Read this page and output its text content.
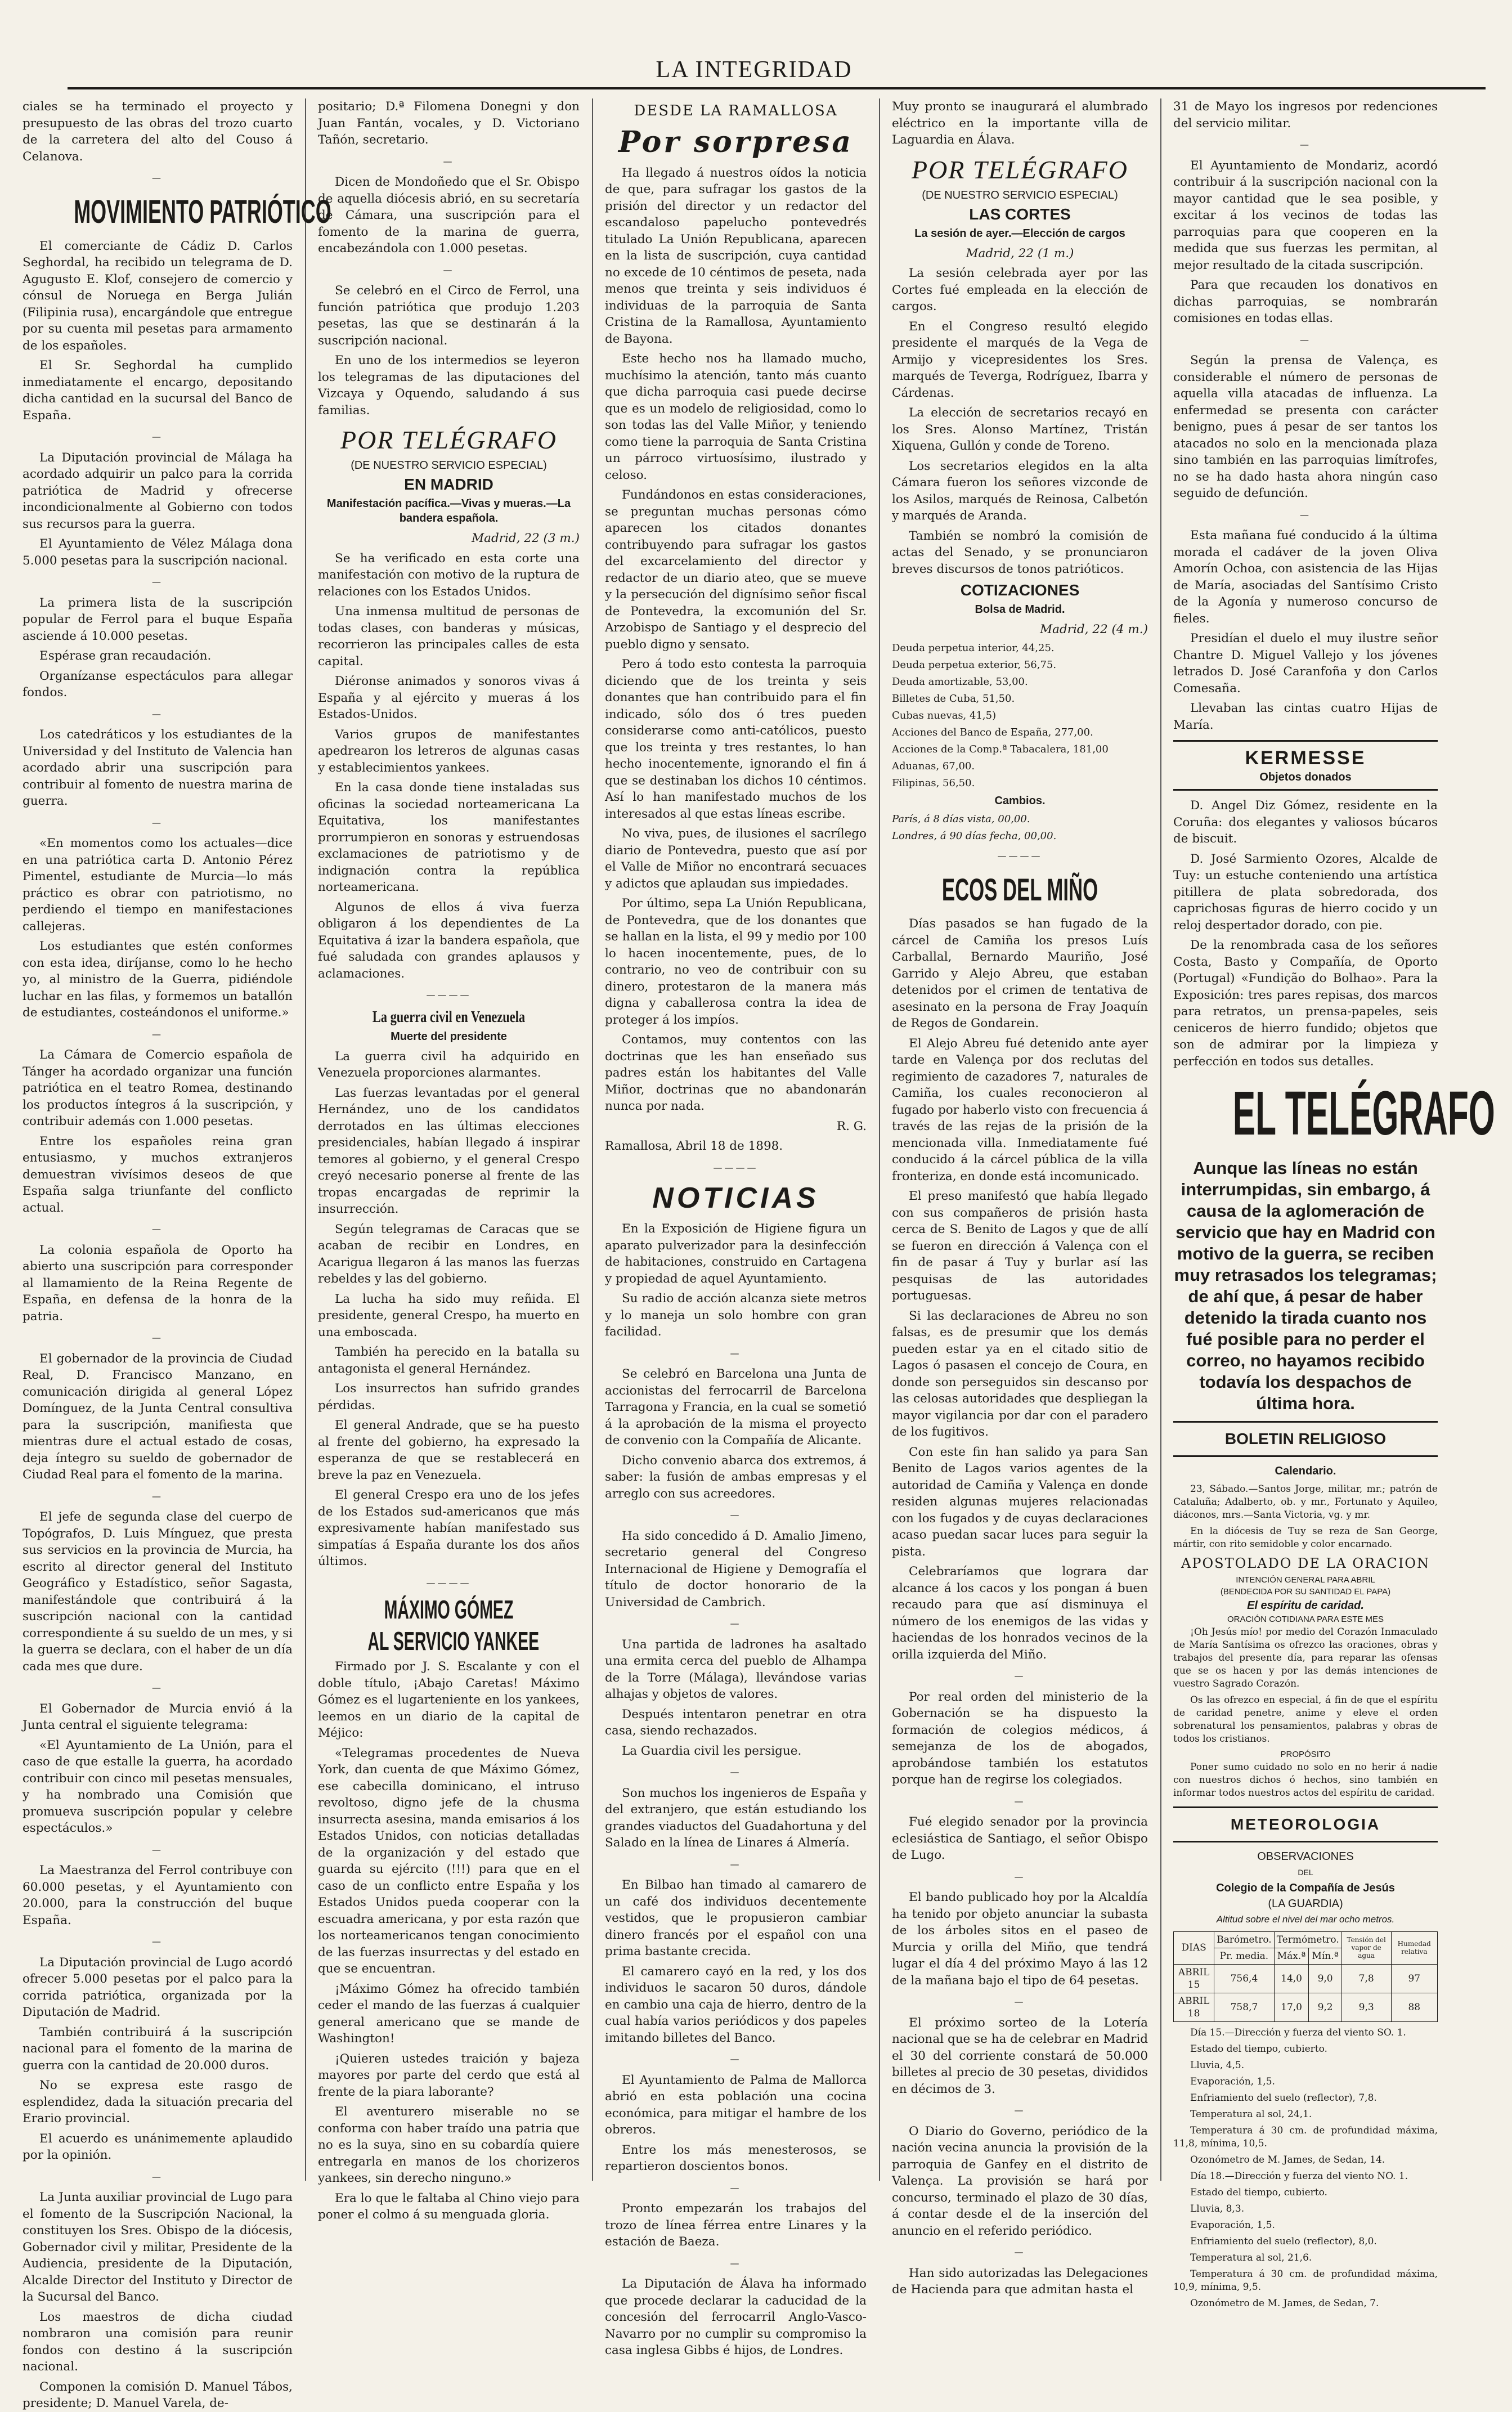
LA INTEGRIDAD

ciales se ha terminado el proyecto y presupuesto de las obras del trozo cuarto de la carretera del alto del Couso á Celanova.

—
MOVIMIENTO PATRIÓTICO

El comerciante de Cádiz D. Carlos Seghordal, ha recibido un telegrama de D. Agugusto E. Klof, consejero de comercio y cónsul de Noruega en Berga Julián (Filipinia rusa), encargándole que entregue por su cuenta mil pesetas para armamento de los españoles.

El Sr. Seghordal ha cumplido inmediatamente el encargo, depositando dicha cantidad en la sucursal del Banco de España.

—

La Diputación provincial de Málaga ha acordado adquirir un palco para la corrida patriótica de Madrid y ofrecerse incondicionalmente al Gobierno con todos sus recursos para la guerra.

El Ayuntamiento de Vélez Málaga dona 5.000 pesetas para la suscripción nacional.

—

La primera lista de la suscripción popular de Ferrol para el buque España asciende á 10.000 pesetas.

Espérase gran recaudación.

Organízanse espectáculos para allegar fondos.

—

Los catedráticos y los estudiantes de la Universidad y del Instituto de Valencia han acordado abrir una suscripción para contribuir al fomento de nuestra marina de guerra.

—

«En momentos como los actuales—dice en una patriótica carta D. Antonio Pérez Pimentel, estudiante de Murcia—lo más práctico es obrar con patriotismo, no perdiendo el tiempo en manifestaciones callejeras.

Los estudiantes que estén conformes con esta idea, diríjanse, como lo he hecho yo, al ministro de la Guerra, pidiéndole luchar en las filas, y formemos un batallón de estudiantes, costeándonos el uniforme.»

—

La Cámara de Comercio española de Tánger ha acordado organizar una función patriótica en el teatro Romea, destinando los productos íntegros á la suscripción, y contribuir además con 1.000 pesetas.

Entre los españoles reina gran entusiasmo, y muchos extranjeros demuestran vivísimos deseos de que España salga triunfante del conflicto actual.

—

La colonia española de Oporto ha abierto una suscripción para corresponder al llamamiento de la Reina Regente de España, en defensa de la honra de la patria.

—

El gobernador de la provincia de Ciudad Real, D. Francisco Manzano, en comunicación dirigida al general López Domínguez, de la Junta Central consultiva para la suscripción, manifiesta que mientras dure el actual estado de cosas, deja íntegro su sueldo de gobernador de Ciudad Real para el fomento de la marina.

—

El jefe de segunda clase del cuerpo de Topógrafos, D. Luis Mínguez, que presta sus servicios en la provincia de Murcia, ha escrito al director general del Instituto Geográfico y Estadístico, señor Sagasta, manifestándole que contribuirá á la suscripción nacional con la cantidad correspondiente á su sueldo de un mes, y si la guerra se declara, con el haber de un día cada mes que dure.

—

El Gobernador de Murcia envió á la Junta central el siguiente telegrama:

«El Ayuntamiento de La Unión, para el caso de que estalle la guerra, ha acordado contribuir con cinco mil pesetas mensuales, y ha nombrado una Comisión que promueva suscripción popular y celebre espectáculos.»

—

La Maestranza del Ferrol contribuye con 60.000 pesetas, y el Ayuntamiento con 20.000, para la construcción del buque España.

—

La Diputación provincial de Lugo acordó ofrecer 5.000 pesetas por el palco para la corrida patriótica, organizada por la Diputación de Madrid.

También contribuirá á la suscripción nacional para el fomento de la marina de guerra con la cantidad de 20.000 duros.

No se expresa este rasgo de esplendidez, dada la situación precaria del Erario provincial.

El acuerdo es unánimemente aplaudido por la opinión.

—

La Junta auxiliar provincial de Lugo para el fomento de la Suscripción Nacional, la constituyen los Sres. Obispo de la diócesis, Gobernador civil y militar, Presidente de la Audiencia, presidente de la Diputación, Alcalde Director del Instituto y Director de la Sucursal del Banco.

Los maestros de dicha ciudad nombraron una comisión para reunir fondos con destino á la suscripción nacional.

Componen la comisión D. Manuel Tábos, presidente; D. Manuel Varela, de-

positario; D.ª Filomena Donegni y don Juan Fantán, vocales, y D. Victoriano Tañón, secretario.

—

Dicen de Mondoñedo que el Sr. Obispo de aquella diócesis abrió, en su secretaría de Cámara, una suscripción para el fomento de la marina de guerra, encabezándola con 1.000 pesetas.

—

Se celebró en el Circo de Ferrol, una función patriótica que produjo 1.203 pesetas, las que se destinarán á la suscripción nacional.

En uno de los intermedios se leyeron los telegramas de las diputaciones del Vizcaya y Oquendo, saludando á sus familias.

POR TELÉGRAFO
(DE NUESTRO SERVICIO ESPECIAL)
EN MADRID
Manifestación pacífica.—Vivas y mueras.—La bandera española.
Madrid, 22 (3 m.)

Se ha verificado en esta corte una manifestación con motivo de la ruptura de relaciones con los Estados Unidos.

Una inmensa multitud de personas de todas clases, con banderas y músicas, recorrieron las principales calles de esta capital.

Diéronse animados y sonoros vivas á España y al ejército y mueras á los Estados-Unidos.

Varios grupos de manifestantes apedrearon los letreros de algunas casas y establecimientos yankees.

En la casa donde tiene instaladas sus oficinas la sociedad norteamericana La Equitativa, los manifestantes prorrumpieron en sonoras y estruendosas exclamaciones de patriotismo y de indignación contra la república norteamericana.

Algunos de ellos á viva fuerza obligaron á los dependientes de La Equitativa á izar la bandera española, que fué saludada con grandes aplausos y aclamaciones.

————
La guerra civil en Venezuela
Muerte del presidente

La guerra civil ha adquirido en Venezuela proporciones alarmantes.

Las fuerzas levantadas por el general Hernández, uno de los candidatos derrotados en las últimas elecciones presidenciales, habían llegado á inspirar temores al gobierno, y el general Crespo creyó necesario ponerse al frente de las tropas encargadas de reprimir la insurrección.

Según telegramas de Caracas que se acaban de recibir en Londres, en Acarigua llegaron á las manos las fuerzas rebeldes y las del gobierno.

La lucha ha sido muy reñida. El presidente, general Crespo, ha muerto en una emboscada.

También ha perecido en la batalla su antagonista el general Hernández.

Los insurrectos han sufrido grandes pérdidas.

El general Andrade, que se ha puesto al frente del gobierno, ha expresado la esperanza de que se restablecerá en breve la paz en Venezuela.

El general Crespo era uno de los jefes de los Estados sud-americanos que más expresivamente habían manifestado sus simpatías á España durante los dos años últimos.

————
MÁXIMO GÓMEZ
AL SERVICIO YANKEE

Firmado por J. S. Escalante y con el doble título, ¡Abajo Caretas! Máximo Gómez es el lugarteniente en los yankees, leemos en un diario de la capital de Méjico:

«Telegramas procedentes de Nueva York, dan cuenta de que Máximo Gómez, ese cabecilla dominicano, el intruso revoltoso, digno jefe de la chusma insurrecta asesina, manda emisarios á los Estados Unidos, con noticias detalladas de la organización y del estado que guarda su ejército (!!!) para que en el caso de un conflicto entre España y los Estados Unidos pueda cooperar con la escuadra americana, y por esta razón que los norteamericanos tengan conocimiento de las fuerzas insurrectas y del estado en que se encuentran.

¡Máximo Gómez ha ofrecido también ceder el mando de las fuerzas á cualquier general americano que se mande de Washington!

¡Quieren ustedes traición y bajeza mayores por parte del cerdo que está al frente de la piara laborante?

El aventurero miserable no se conforma con haber traído una patria que no es la suya, sino en su cobardía quiere entregarla en manos de los chorizeros yankees, sin derecho ninguno.»

Era lo que le faltaba al Chino viejo para poner el colmo á su menguada gloria.

DESDE LA RAMALLOSA
Por sorpresa

Ha llegado á nuestros oídos la noticia de que, para sufragar los gastos de la prisión del director y un redactor del escandaloso papelucho pontevedrés titulado La Unión Republicana, aparecen en la lista de suscripción, cuya cantidad no excede de 10 céntimos de peseta, nada menos que treinta y seis individuos é individuas de la parroquia de Santa Cristina de la Ramallosa, Ayuntamiento de Bayona.

Este hecho nos ha llamado mucho, muchísimo la atención, tanto más cuanto que dicha parroquia casi puede decirse que es un modelo de religiosidad, como lo son todas las del Valle Miñor, y teniendo como tiene la parroquia de Santa Cristina un párroco virtuosísimo, ilustrado y celoso.

Fundándonos en estas consideraciones, se preguntan muchas personas cómo aparecen los citados donantes contribuyendo para sufragar los gastos del excarcelamiento del director y redactor de un diario ateo, que se mueve y la persecución del dignísimo señor fiscal de Pontevedra, la excomunión del Sr. Arzobispo de Santiago y el desprecio del pueblo digno y sensato.

Pero á todo esto contesta la parroquia diciendo que de los treinta y seis donantes que han contribuido para el fin indicado, sólo dos ó tres pueden considerarse como anti-católicos, puesto que los treinta y tres restantes, lo han hecho inocentemente, ignorando el fin á que se destinaban los dichos 10 céntimos. Así lo han manifestado muchos de los interesados al que estas líneas escribe.

No viva, pues, de ilusiones el sacrílego diario de Pontevedra, puesto que así por el Valle de Miñor no encontrará secuaces y adictos que aplaudan sus impiedades.

Por último, sepa La Unión Republicana, de Pontevedra, que de los donantes que se hallan en la lista, el 99 y medio por 100 lo hacen inocentemente, pues, de lo contrario, no veo de contribuir con su dinero, protestaron de la manera más digna y caballerosa contra la idea de proteger á los impíos.

Contamos, muy contentos con las doctrinas que les han enseñado sus padres están los habitantes del Valle Miñor, doctrinas que no abandonarán nunca por nada.

R. G.

Ramallosa, Abril 18 de 1898.

————
NOTICIAS

En la Exposición de Higiene figura un aparato pulverizador para la desinfección de habitaciones, construido en Cartagena y propiedad de aquel Ayuntamiento.

Su radio de acción alcanza siete metros y lo maneja un solo hombre con gran facilidad.

—

Se celebró en Barcelona una Junta de accionistas del ferrocarril de Barcelona Tarragona y Francia, en la cual se sometió á la aprobación de la misma el proyecto de convenio con la Compañía de Alicante.

Dicho convenio abarca dos extremos, á saber: la fusión de ambas empresas y el arreglo con sus acreedores.

—

Ha sido concedido á D. Amalio Jimeno, secretario general del Congreso Internacional de Higiene y Demografía el título de doctor honorario de la Universidad de Cambrich.

—

Una partida de ladrones ha asaltado una ermita cerca del pueblo de Alhampa de la Torre (Málaga), llevándose varias alhajas y objetos de valores.

Después intentaron penetrar en otra casa, siendo rechazados.

La Guardia civil les persigue.

—

Son muchos los ingenieros de España y del extranjero, que están estudiando los grandes viaductos del Guadahortuna y del Salado en la línea de Linares á Almería.

—

En Bilbao han timado al camarero de un café dos individuos decentemente vestidos, que le propusieron cambiar dinero francés por el español con una prima bastante crecida.

El camarero cayó en la red, y los dos individuos le sacaron 50 duros, dándole en cambio una caja de hierro, dentro de la cual había varios periódicos y dos papeles imitando billetes del Banco.

—

El Ayuntamiento de Palma de Mallorca abrió en esta población una cocina económica, para mitigar el hambre de los obreros.

Entre los más menesterosos, se repartieron doscientos bonos.

—

Pronto empezarán los trabajos del trozo de línea férrea entre Linares y la estación de Baeza.

—

La Diputación de Álava ha informado que procede declarar la caducidad de la concesión del ferrocarril Anglo-Vasco-Navarro por no cumplir su compromiso la casa inglesa Gibbs é hijos, de Londres.

Muy pronto se inaugurará el alumbrado eléctrico en la importante villa de Laguardia en Álava.

POR TELÉGRAFO
(DE NUESTRO SERVICIO ESPECIAL)
LAS CORTES
La sesión de ayer.—Elección de cargos
Madrid, 22 (1 m.)

La sesión celebrada ayer por las Cortes fué empleada en la elección de cargos.

En el Congreso resultó elegido presidente el marqués de la Vega de Armijo y vicepresidentes los Sres. marqués de Teverga, Rodríguez, Ibarra y Cárdenas.

La elección de secretarios recayó en los Sres. Alonso Martínez, Tristán Xiquena, Gullón y conde de Toreno.

Los secretarios elegidos en la alta Cámara fueron los señores vizconde de los Asilos, marqués de Reinosa, Calbetón y marqués de Aranda.

También se nombró la comisión de actas del Senado, y se pronunciaron breves discursos de tonos patrióticos.

COTIZACIONES
Bolsa de Madrid.
Madrid, 22 (4 m.)

Deuda perpetua interior, 44,25.

Deuda perpetua exterior, 56,75.

Deuda amortizable, 53,00.

Billetes de Cuba, 51,50.

Cubas nuevas, 41,5)

Acciones del Banco de España, 277,00.

Acciones de la Comp.ª Tabacalera, 181,00

Aduanas, 67,00.

Filipinas, 56,50.

Cambios.

París, á 8 días vista, 00,00.

Londres, á 90 días fecha, 00,00.

————
ECOS DEL MIÑO

Días pasados se han fugado de la cárcel de Camiña los presos Luís Carballal, Bernardo Mauriño, José Garrido y Alejo Abreu, que estaban detenidos por el crimen de tentativa de asesinato en la persona de Fray Joaquín de Regos de Gondarein.

El Alejo Abreu fué detenido ante ayer tarde en Valença por dos reclutas del regimiento de cazadores 7, naturales de Camiña, los cuales reconocieron al fugado por haberlo visto con frecuencia á través de las rejas de la prisión de la mencionada villa. Inmediatamente fué conducido á la cárcel pública de la villa fronteriza, en donde está incomunicado.

El preso manifestó que había llegado con sus compañeros de prisión hasta cerca de S. Benito de Lagos y que de allí se fueron en dirección á Valença con el fin de pasar á Tuy y burlar así las pesquisas de las autoridades portuguesas.

Si las declaraciones de Abreu no son falsas, es de presumir que los demás pueden estar ya en el citado sitio de Lagos ó pasasen el concejo de Coura, en donde son perseguidos sin descanso por las celosas autoridades que despliegan la mayor vigilancia por dar con el paradero de los fugitivos.

Con este fin han salido ya para San Benito de Lagos varios agentes de la autoridad de Camiña y Valença en donde residen algunas mujeres relacionadas con los fugados y de cuyas declaraciones acaso puedan sacar luces para seguir la pista.

Celebraríamos que lograra dar alcance á los cacos y los pongan á buen recaudo para que así disminuya el número de los enemigos de las vidas y haciendas de los honrados vecinos de la orilla izquierda del Miño.

—

Por real orden del ministerio de la Gobernación se ha dispuesto la formación de colegios médicos, á semejanza de los de abogados, aprobándose también los estatutos porque han de regirse los colegiados.

—

Fué elegido senador por la provincia eclesiástica de Santiago, el señor Obispo de Lugo.

—

El bando publicado hoy por la Alcaldía ha tenido por objeto anunciar la subasta de los árboles sitos en el paseo de Murcia y orilla del Miño, que tendrá lugar el día 4 del próximo Mayo á las 12 de la mañana bajo el tipo de 64 pesetas.

—

El próximo sorteo de la Lotería nacional que se ha de celebrar en Madrid el 30 del corriente constará de 50.000 billetes al precio de 30 pesetas, divididos en décimos de 3.

—

O Diario do Governo, periódico de la nación vecina anuncia la provisión de la parroquia de Ganfey en el distrito de Valença. La provisión se hará por concurso, terminado el plazo de 30 días, á contar desde el de la inserción del anuncio en el referido periódico.

—

Han sido autorizadas las Delegaciones de Hacienda para que admitan hasta el

31 de Mayo los ingresos por redenciones del servicio militar.

—

El Ayuntamiento de Mondariz, acordó contribuir á la suscripción nacional con la mayor cantidad que le sea posible, y excitar á los vecinos de todas las parroquias para que cooperen en la medida que sus fuerzas les permitan, al mejor resultado de la citada suscripción.

Para que recauden los donativos en dichas parroquias, se nombrarán comisiones en todas ellas.

—

Según la prensa de Valença, es considerable el número de personas de aquella villa atacadas de influenza. La enfermedad se presenta con carácter benigno, pues á pesar de ser tantos los atacados no solo en la mencionada plaza sino también en las parroquias limítrofes, no se ha dado hasta ahora ningún caso seguido de defunción.

—

Esta mañana fué conducido á la última morada el cadáver de la joven Oliva Amorín Ochoa, con asistencia de las Hijas de María, asociadas del Santísimo Cristo de la Agonía y numeroso concurso de fieles.

Presidían el duelo el muy ilustre señor Chantre D. Miguel Vallejo y los jóvenes letrados D. José Caranfoña y don Carlos Comesaña.

Llevaban las cintas cuatro Hijas de María.

KERMESSE
Objetos donados

D. Angel Diz Gómez, residente en la Coruña: dos elegantes y valiosos búcaros de biscuit.

D. José Sarmiento Ozores, Alcalde de Tuy: un estuche conteniendo una artística pitillera de plata sobredorada, dos caprichosas figuras de hierro cocido y un reloj despertador dorado, con pie.

De la renombrada casa de los señores Costa, Basto y Compañía, de Oporto (Portugal) «Fundição do Bolhao». Para la Exposición: tres pares repisas, dos marcos para retratos, un prensa-papeles, seis ceniceros de hierro fundido; objetos que son de admirar por la limpieza y perfección en todos sus detalles.

EL TELÉGRAFO

Aunque las líneas no están interrumpidas, sin embargo, á causa de la aglomeración de servicio que hay en Madrid con motivo de la guerra, se reciben muy retrasados los telegramas; de ahí que, á pesar de haber detenido la tirada cuanto nos fué posible para no perder el correo, no hayamos recibido todavía los despachos de última hora.

BOLETIN RELIGIOSO
Calendario.

23, Sábado.—Santos Jorge, militar, mr.; patrón de Cataluña; Adalberto, ob. y mr., Fortunato y Aquileo, diáconos, mrs.—Santa Victoria, vg. y mr.

En la diócesis de Tuy se reza de San George, mártir, con rito semidoble y color encarnado.

APOSTOLADO DE LA ORACION
INTENCIÓN GENERAL PARA ABRIL
(BENDECIDA POR SU SANTIDAD EL PAPA)
El espíritu de caridad.
ORACIÓN COTIDIANA PARA ESTE MES

¡Oh Jesús mío! por medio del Corazón Inmaculado de María Santísima os ofrezco las oraciones, obras y trabajos del presente día, para reparar las ofensas que se os hacen y por las demás intenciones de vuestro Sagrado Corazón.

Os las ofrezco en especial, á fin de que el espíritu de caridad penetre, anime y eleve el orden sobrenatural los pensamientos, palabras y obras de todos los cristianos.

PROPÓSITO

Poner sumo cuidado no solo en no herir á nadie con nuestros dichos ó hechos, sino también en informar todos nuestros actos del espíritu de caridad.

METEOROLOGIA
OBSERVACIONES
DEL
Colegio de la Compañía de Jesús
(LA GUARDIA)
Altitud sobre el nivel del mar ocho metros.
DIAS	Barómetro.	Termómetro.		Tensión del vapor de agua	Humedad relativa
	Pr. media.	Máx.ª	Mín.ª		
ABRIL 15	756,4	14,0	9,0	7,8	97
ABRIL 18	758,7	17,0	9,2	9,3	88

Día 15.—Dirección y fuerza del viento SO. 1.

Estado del tiempo, cubierto.

Lluvia, 4,5.

Evaporación, 1,5.

Enfriamiento del suelo (reflector), 7,8.

Temperatura al sol, 24,1.

Temperatura á 30 cm. de profundidad máxima, 11,8, mínima, 10,5.

Ozonómetro de M. James, de Sedan, 14.

Día 18.—Dirección y fuerza del viento NO. 1.

Estado del tiempo, cubierto.

Lluvia, 8,3.

Evaporación, 1,5.

Enfriamiento del suelo (reflector), 8,0.

Temperatura al sol, 21,6.

Temperatura á 30 cm. de profundidad máxima, 10,9, mínima, 9,5.

Ozonómetro de M. James, de Sedan, 7.
